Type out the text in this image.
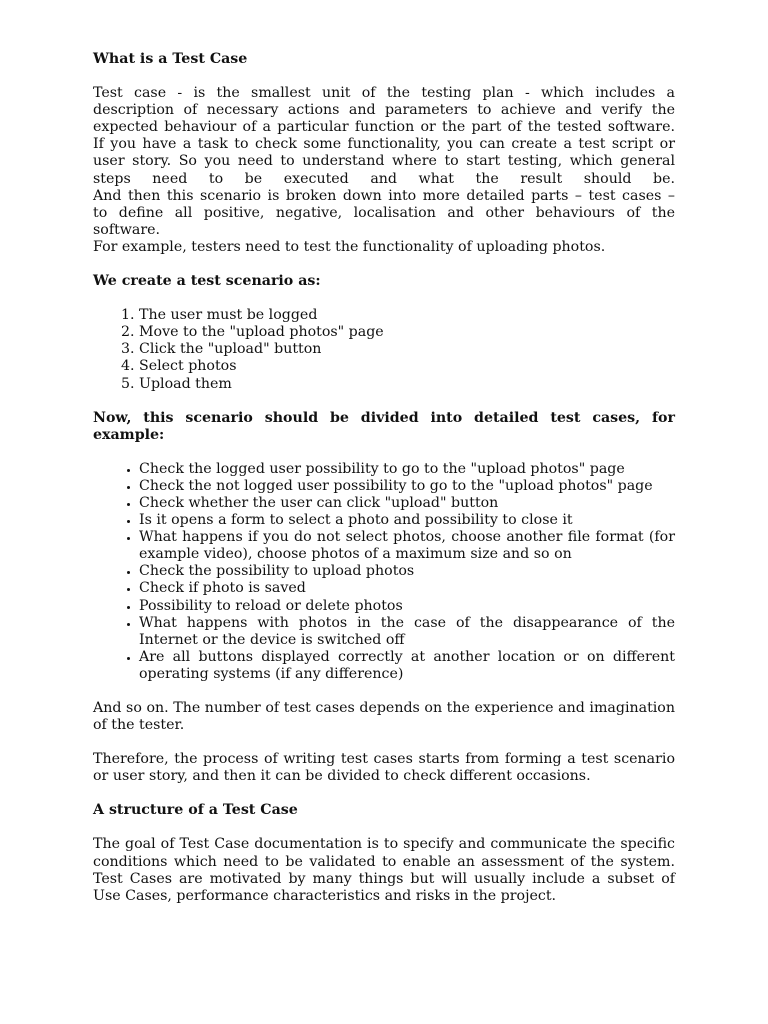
What is a Test Case
Test case - is the smallest unit of the testing plan - which includes a
description of necessary actions and parameters to achieve and verify the
expected behaviour of a particular function or the part of the tested software.
If you have a task to check some functionality, you can create a test script or
user story. So you need to understand where to start testing, which general
steps need to be executed and what the result should be.
And then this scenario is broken down into more detailed parts – test cases –
to define all positive, negative, localisation and other behaviours of the
software.

For example, testers need to test the functionality of uploading photos.

We create a test scenario as:
1. The user must be logged
2. Move to the "upload photos" page
3. Click the "upload" button
4. Select photos
5. Upload them

Now, this scenario should be divided into detailed test cases, for example:

• Check the logged user possibility to go to the "upload photos" page
• Check the not logged user possibility to go to the "upload photos" page
• Check whether the user can click "upload" button
• Is it opens a form to select a photo and possibility to close it
• What happens if you do not select photos, choose another file format (for example video), choose photos of a maximum size and so on
• Check the possibility to upload photos
• Check if photo is saved
• Possibility to reload or delete photos
• What happens with photos in the case of the disappearance of the Internet or the device is switched off
• Are all buttons displayed correctly at another location or on different operating systems (if any difference)

And so on. The number of test cases depends on the experience and imagination of the tester.

Therefore, the process of writing test cases starts from forming a test scenario or user story, and then it can be divided to check different occasions.

A structure of a Test Case

The goal of Test Case documentation is to specify and communicate the specific conditions which need to be validated to enable an assessment of the system. Test Cases are motivated by many things but will usually include a subset of Use Cases, performance characteristics and risks in the project.
